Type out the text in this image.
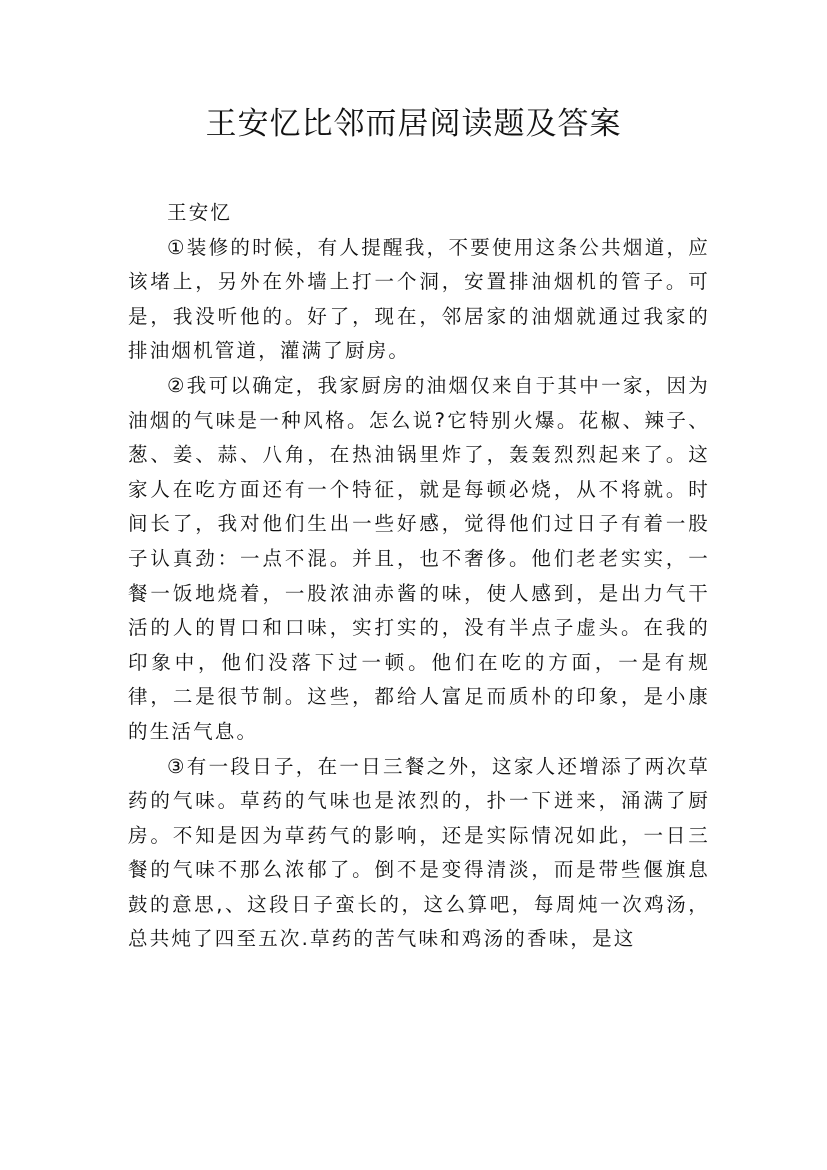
王安忆比邻而居阅读题及答案

王安忆

①装修的时候，有人提醒我，不要使用这条公共烟道，应该堵上，另外在外墙上打一个洞，安置排油烟机的管子。可是，我没听他的。好了，现在，邻居家的油烟就通过我家的排油烟机管道，灌满了厨房。

②我可以确定，我家厨房的油烟仅来自于其中一家，因为油烟的气味是一种风格。怎么说?它特别火爆。花椒、辣子、葱、姜、蒜、八角，在热油锅里炸了，轰轰烈烈起来了。这家人在吃方面还有一个特征，就是每顿必烧，从不将就。时间长了，我对他们生出一些好感，觉得他们过日子有着一股子认真劲：一点不混。并且，也不奢侈。他们老老实实，一餐一饭地烧着，一股浓油赤酱的味，使人感到，是出力气干活的人的胃口和口味，实打实的，没有半点子虚头。在我的印象中，他们没落下过一顿。他们在吃的方面，一是有规律，二是很节制。这些，都给人富足而质朴的印象，是小康的生活气息。

③有一段日子，在一日三餐之外，这家人还增添了两次草药的气味。草药的气味也是浓烈的，扑一下迸来，涌满了厨房。不知是因为草药气的影响，还是实际情况如此，一日三餐的气味不那么浓郁了。倒不是变得清淡，而是带些偃旗息鼓的意思,、这段日子蛮长的，这么算吧，每周炖一次鸡汤，总共炖了四至五次.草药的苦气味和鸡汤的香味，是这
